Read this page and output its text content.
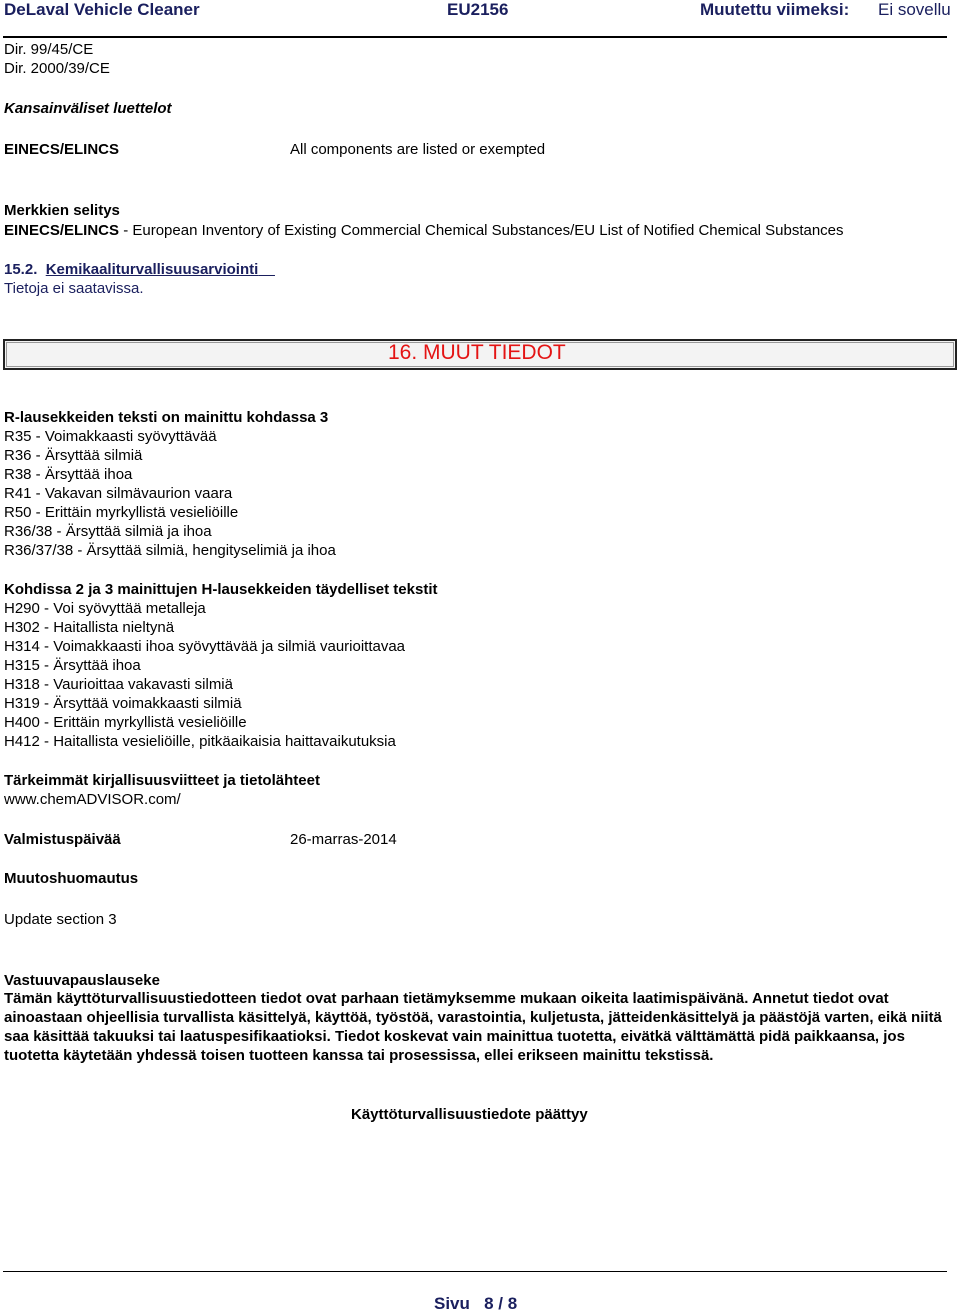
DeLaval Vehicle Cleaner	EU2156	Muutettu viimeksi: Ei sovellu
Dir. 99/45/CE
Dir. 2000/39/CE
Kansainväliset luettelot
EINECS/ELINCS	All components are listed or exempted
Merkkien selitys
EINECS/ELINCS - European Inventory of Existing Commercial Chemical Substances/EU List of Notified Chemical Substances
15.2. Kemikaaliturvallisuusarviointi
Tietoja ei saatavissa.
16. MUUT TIEDOT
R-lausekkeiden teksti on mainittu kohdassa 3
R35 - Voimakkaasti syövyttävää
R36 - Ärsyttää silmiä
R38 - Ärsyttää ihoa
R41 - Vakavan silmävaurion vaara
R50 - Erittäin myrkyllistä vesieliöille
R36/38 - Ärsyttää silmiä ja ihoa
R36/37/38 - Ärsyttää silmiä, hengityselimiä ja ihoa
Kohdissa 2 ja 3 mainittujen H-lausekkeiden täydelliset tekstit
H290 - Voi syövyttää metalleja
H302 - Haitallista nieltynä
H314 - Voimakkaasti ihoa syövyttävää ja silmiä vaurioittavaa
H315 - Ärsyttää ihoa
H318 - Vaurioittaa vakavasti silmiä
H319 - Ärsyttää voimakkaasti silmiä
H400 - Erittäin myrkyllistä vesieliöille
H412 - Haitallista vesieliöille, pitkäaikaisia haittavaikutuksia
Tärkeimmät kirjallisuusviitteet ja tietolähteet
www.chemADVISOR.com/
Valmistuspäivää	26-marras-2014
Muutoshuomautus
Update section 3
Vastuuvapauslauseke
Tämän käyttöturvallisuustiedotteen tiedot ovat parhaan tietämyksemme mukaan oikeita laatimispäivänä. Annetut tiedot ovat ainoastaan ohjeellisia turvallista käsittelyä, käyttöä, työstöä, varastointia, kuljetusta, jätteidenkäsittelyä ja päästöjä varten, eikä niitä saa käsittää takuuksi tai laatuspesifikaatioksi. Tiedot koskevat vain mainittua tuotetta, eivätkä välttämättä pidä paikkaansa, jos tuotetta käytetään yhdessä toisen tuotteen kanssa tai prosessissa, ellei erikseen mainittu tekstissä.
Käyttöturvallisuustiedote päättyy
Sivu 8 / 8
